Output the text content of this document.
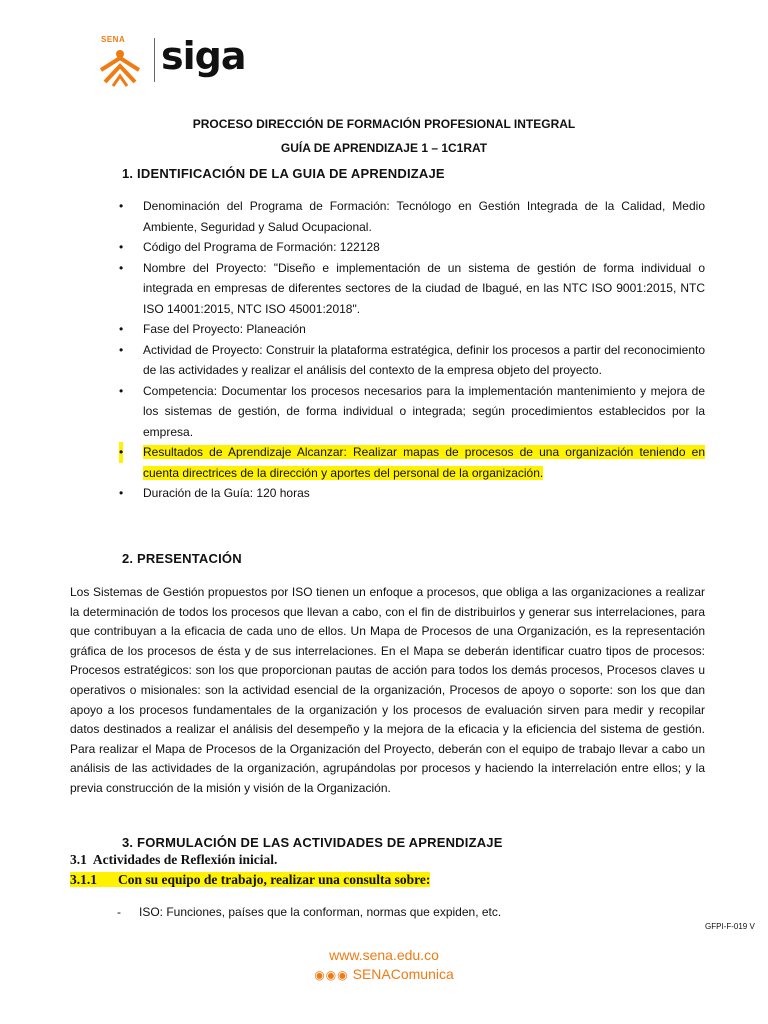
SENA siga
PROCESO DIRECCIÓN DE FORMACIÓN PROFESIONAL INTEGRAL
GUÍA DE APRENDIZAJE 1 – 1C1RAT
1. IDENTIFICACIÓN DE LA GUIA DE APRENDIZAJE
• Denominación del Programa de Formación: Tecnólogo en Gestión Integrada de la Calidad, Medio Ambiente, Seguridad y Salud Ocupacional.
• Código del Programa de Formación: 122128
• Nombre del Proyecto: "Diseño e implementación de un sistema de gestión de forma individual o integrada en empresas de diferentes sectores de la ciudad de Ibagué, en las NTC ISO 9001:2015, NTC ISO 14001:2015, NTC ISO 45001:2018".
• Fase del Proyecto: Planeación
• Actividad de Proyecto: Construir la plataforma estratégica, definir los procesos a partir del reconocimiento de las actividades y realizar el análisis del contexto de la empresa objeto del proyecto.
• Competencia: Documentar los procesos necesarios para la implementación mantenimiento y mejora de los sistemas de gestión, de forma individual o integrada; según procedimientos establecidos por la empresa.
• Resultados de Aprendizaje Alcanzar: Realizar mapas de procesos de una organización teniendo en cuenta directrices de la dirección y aportes del personal de la organización.
• Duración de la Guía: 120 horas
2. PRESENTACIÓN

Los Sistemas de Gestión propuestos por ISO tienen un enfoque a procesos, que obliga a las organizaciones a realizar la determinación de todos los procesos que llevan a cabo, con el fin de distribuirlos y generar sus interrelaciones, para que contribuyan a la eficacia de cada uno de ellos. Un Mapa de Procesos de una Organización, es la representación gráfica de los procesos de ésta y de sus interrelaciones. En el Mapa se deberán identificar cuatro tipos de procesos: Procesos estratégicos: son los que proporcionan pautas de acción para todos los demás procesos, Procesos claves u operativos o misionales: son la actividad esencial de la organización, Procesos de apoyo o soporte: son los que dan apoyo a los procesos fundamentales de la organización y los procesos de evaluación sirven para medir y recopilar datos destinados a realizar el análisis del desempeño y la mejora de la eficacia y la eficiencia del sistema de gestión. Para realizar el Mapa de Procesos de la Organización del Proyecto, deberán con el equipo de trabajo llevar a cabo un análisis de las actividades de la organización, agrupándolas por procesos y haciendo la interrelación entre ellos; y la previa construcción de la misión y visión de la Organización.

3. FORMULACIÓN DE LAS ACTIVIDADES DE APRENDIZAJE
3.1 Actividades de Reflexión inicial.
3.1.1 Con su equipo de trabajo, realizar una consulta sobre:
- ISO: Funciones, países que la conforman, normas que expiden, etc.
GFPI-F-019 V
www.sena.edu.co
◉◉◉ SENAComunica
